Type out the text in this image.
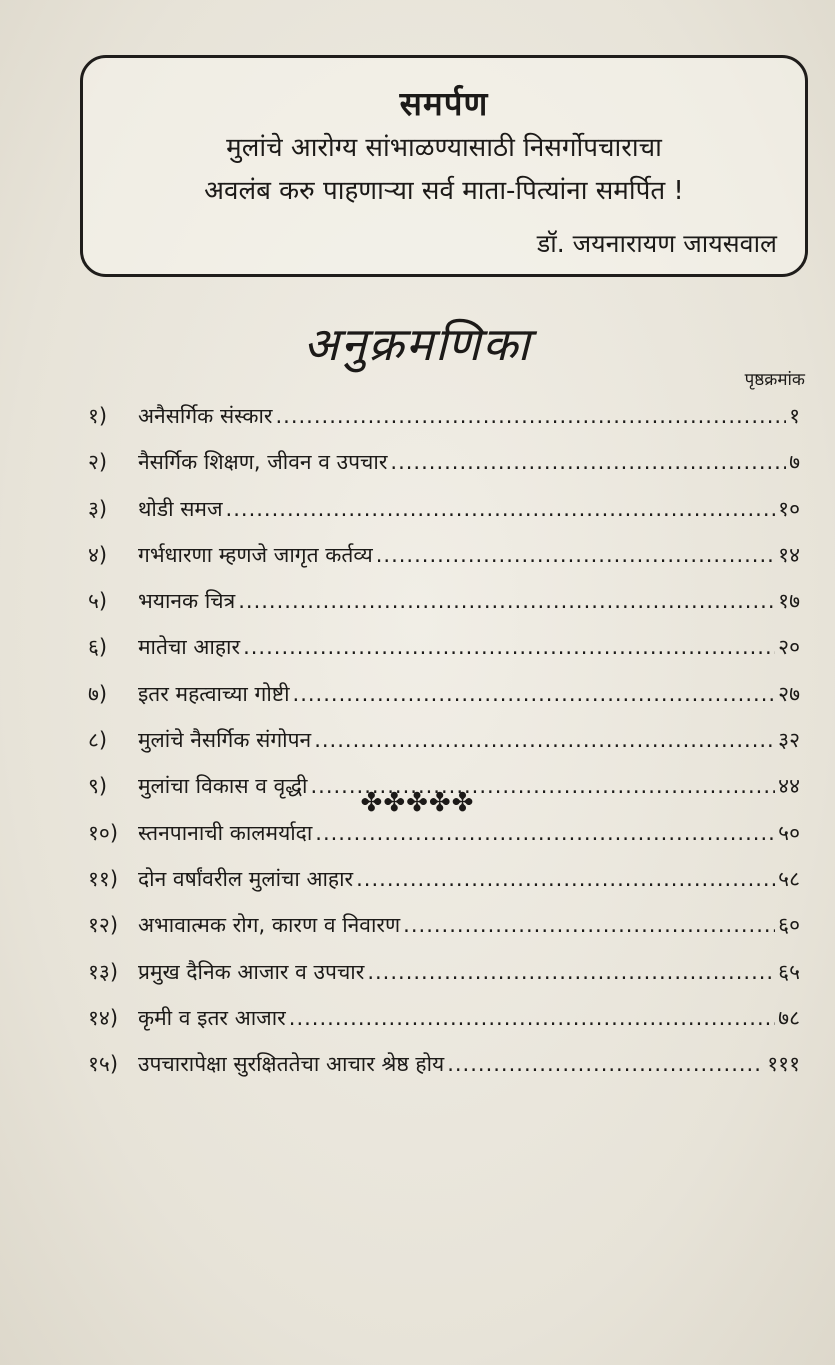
समर्पण
मुलांचे आरोग्य सांभाळण्यासाठी निसर्गोपचाराचा
अवलंब करु पाहणाऱ्या सर्व माता-पित्यांना समर्पित !
डॉ. जयनारायण जायसवाल
अनुक्रमणिका
पृष्ठक्रमांक
१)	अनैसर्गिक संस्कार .....	१
२)	नैसर्गिक शिक्षण, जीवन व उपचार .....	७
३)	थोडी समज .....	१०
४)	गर्भधारणा म्हणजे जागृत कर्तव्य .....	१४
५)	भयानक चित्र .....	१७
६)	मातेचा आहार .....	२०
७)	इतर महत्वाच्या गोष्टी .....	२७
८)	मुलांचे नैसर्गिक संगोपन .....	३२
९)	मुलांचा विकास व वृद्धी .....	४४
१०) स्तनपानाची कालमर्यादा .....	५०
११) दोन वर्षांवरील मुलांचा आहार .....	५८
१२) अभावात्मक रोग, कारण व निवारण .....	६०
१३) प्रमुख दैनिक आजार व उपचार .....	६५
१४) कृमी व इतर आजार .....	७८
१५) उपचारापेक्षा सुरक्षिततेचा आचार श्रेष्ठ होय .....	१११
✤✤✤✤✤
